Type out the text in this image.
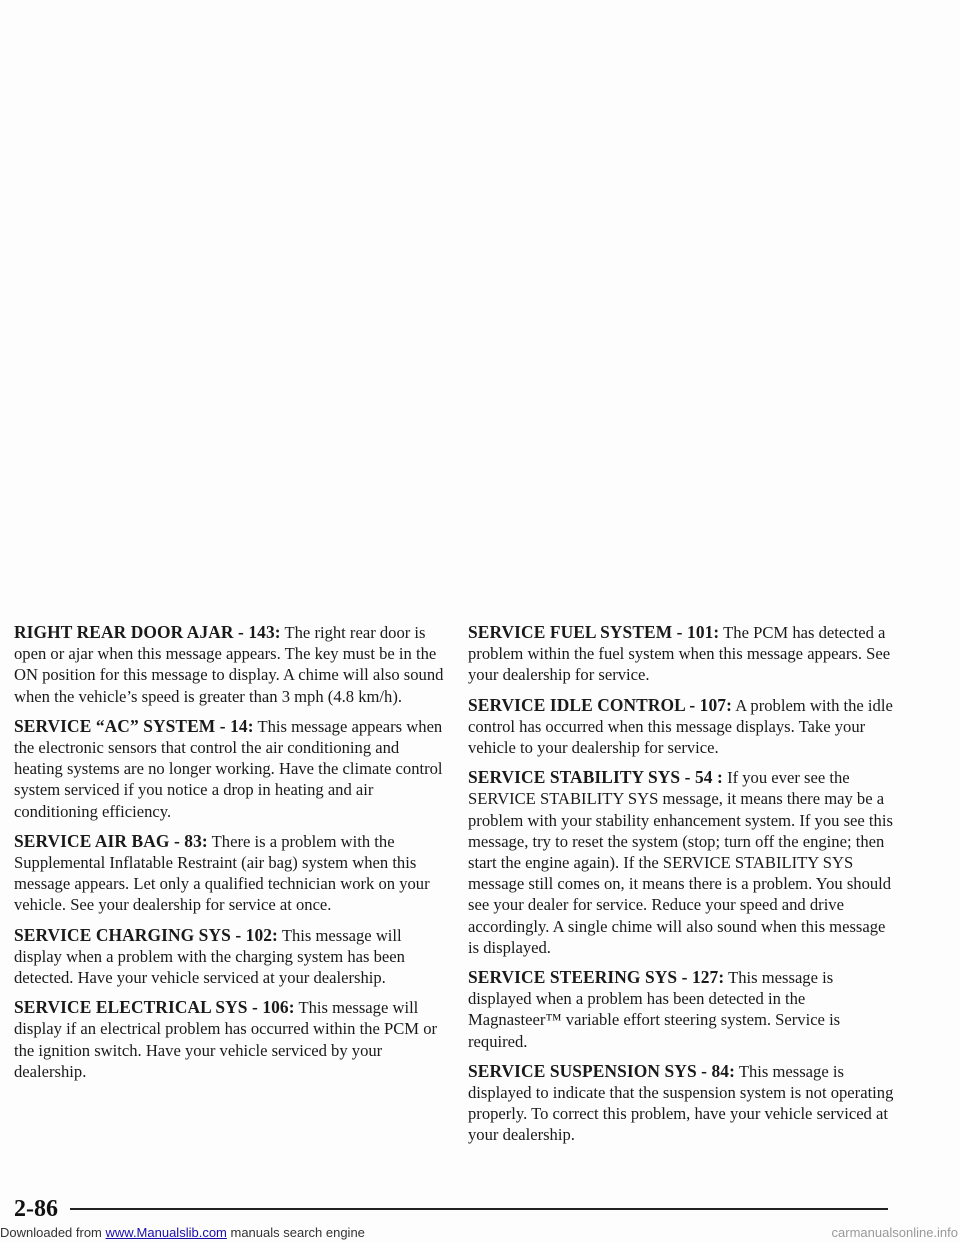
RIGHT REAR DOOR AJAR - 143: The right rear door is open or ajar when this message appears. The key must be in the ON position for this message to display. A chime will also sound when the vehicle’s speed is greater than 3 mph (4.8 km/h).

SERVICE “AC” SYSTEM - 14: This message appears when the electronic sensors that control the air conditioning and heating systems are no longer working. Have the climate control system serviced if you notice a drop in heating and air conditioning efficiency.

SERVICE AIR BAG - 83: There is a problem with the Supplemental Inflatable Restraint (air bag) system when this message appears. Let only a qualified technician work on your vehicle. See your dealership for service at once.

SERVICE CHARGING SYS - 102: This message will display when a problem with the charging system has been detected. Have your vehicle serviced at your dealership.

SERVICE ELECTRICAL SYS - 106: This message will display if an electrical problem has occurred within the PCM or the ignition switch. Have your vehicle serviced by your dealership.

SERVICE FUEL SYSTEM - 101: The PCM has detected a problem within the fuel system when this message appears. See your dealership for service.

SERVICE IDLE CONTROL - 107: A problem with the idle control has occurred when this message displays. Take your vehicle to your dealership for service.

SERVICE STABILITY SYS - 54 : If you ever see the SERVICE STABILITY SYS message, it means there may be a problem with your stability enhancement system. If you see this message, try to reset the system (stop; turn off the engine; then start the engine again). If the SERVICE STABILITY SYS message still comes on, it means there is a problem. You should see your dealer for service. Reduce your speed and drive accordingly. A single chime will also sound when this message is displayed.

SERVICE STEERING SYS - 127: This message is displayed when a problem has been detected in the Magnasteer™ variable effort steering system. Service is required.

SERVICE SUSPENSION SYS - 84: This message is displayed to indicate that the suspension system is not operating properly. To correct this problem, have your vehicle serviced at your dealership.

2-86
Downloaded from www.Manualslib.com manuals search engine	carmanualsonline.info
